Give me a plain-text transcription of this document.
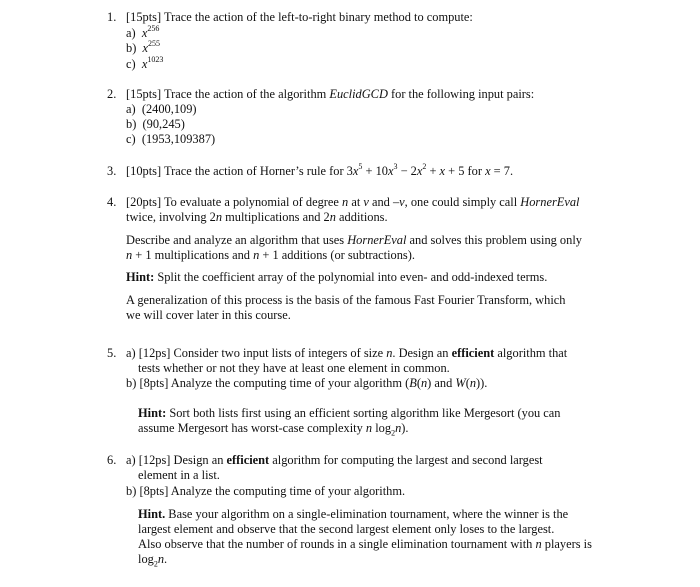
1. [15pts] Trace the action of the left-to-right binary method to compute:
a) $x^{256}$
b) $x^{255}$
c) $x^{1023}$
2. [15pts] Trace the action of the algorithm EuclidGCD for the following input pairs:
a) (2400,109)
b) (90,245)
c) (1953,109387)
3. [10pts] Trace the action of Horner’s rule for $3x^5 + 10x^3 - 2x^2 + x + 5$ for x = 7.
4. [20pts] To evaluate a polynomial of degree n at v and –v, one could simply call HornerEval
twice, involving 2n multiplications and 2n additions.
Describe and analyze an algorithm that uses HornerEval and solves this problem using only
n + 1 multiplications and n + 1 additions (or subtractions).
Hint: Split the coefficient array of the polynomial into even- and odd-indexed terms.
A generalization of this process is the basis of the famous Fast Fourier Transform, which
we will cover later in this course.
5. a) [12ps] Consider two input lists of integers of size n. Design an efficient algorithm that
tests whether or not they have at least one element in common.
b) [8pts] Analyze the computing time of your algorithm (B(n) and W(n)).
Hint: Sort both lists first using an efficient sorting algorithm like Mergesort (you can
assume Mergesort has worst-case complexity n $\log_2n$).
6. a) [12ps] Design an efficient algorithm for computing the largest and second largest
element in a list.
b) [8pts] Analyze the computing time of your algorithm.
Hint. Base your algorithm on a single-elimination tournament, where the winner is the
largest element and observe that the second largest element only loses to the largest.
Also observe that the number of rounds in a single elimination tournament with n players is
$\log_2n$.
